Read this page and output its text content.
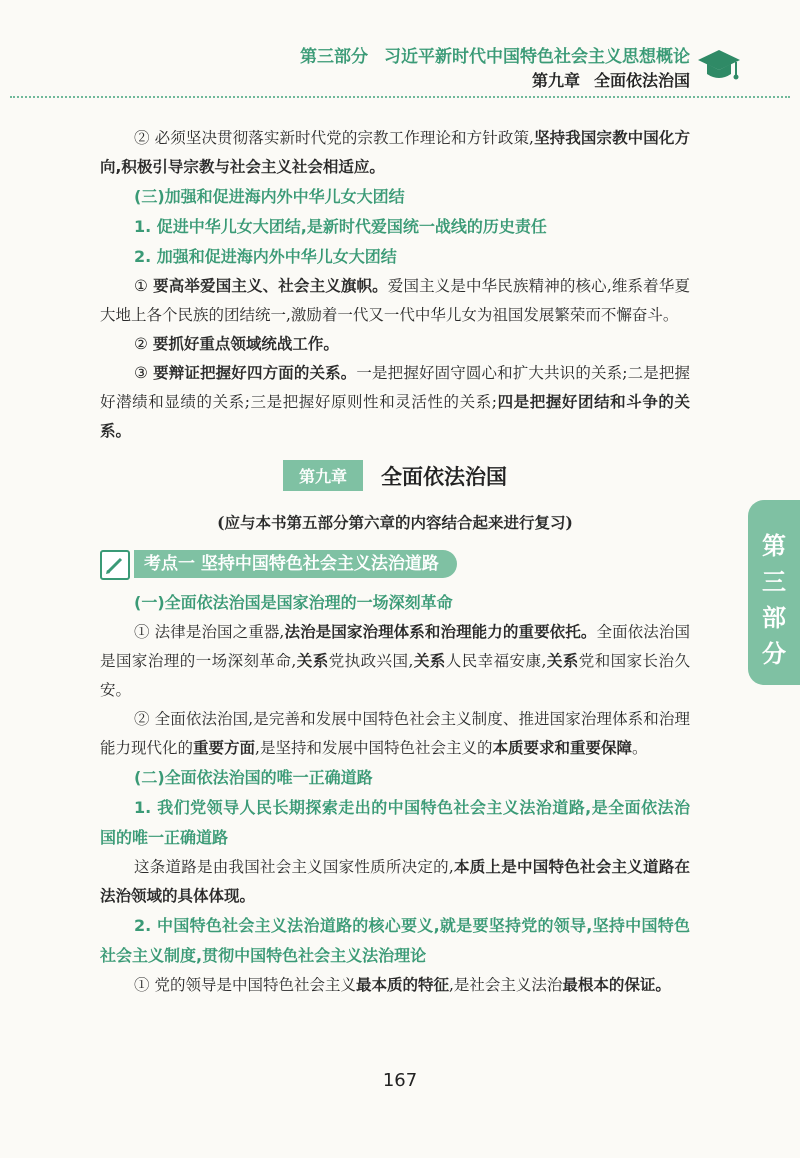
第三部分 习近平新时代中国特色社会主义思想概论
第九章 全面依法治国
第
三
部
分

② 必须坚决贯彻落实新时代党的宗教工作理论和方针政策,坚持我国宗教中国化方向,积极引导宗教与社会主义社会相适应。

(三)加强和促进海内外中华儿女大团结

1. 促进中华儿女大团结,是新时代爱国统一战线的历史责任

2. 加强和促进海内外中华儿女大团结

① 要高举爱国主义、社会主义旗帜。爱国主义是中华民族精神的核心,维系着华夏大地上各个民族的团结统一,激励着一代又一代中华儿女为祖国发展繁荣而不懈奋斗。

② 要抓好重点领域统战工作。

③ 要辩证把握好四方面的关系。一是把握好固守圆心和扩大共识的关系;二是把握好潜绩和显绩的关系;三是把握好原则性和灵活性的关系;四是把握好团结和斗争的关系。

第九章 全面依法治国

(应与本书第五部分第六章的内容结合起来进行复习)

考点一 坚持中国特色社会主义法治道路

(一)全面依法治国是国家治理的一场深刻革命

① 法律是治国之重器,法治是国家治理体系和治理能力的重要依托。全面依法治国是国家治理的一场深刻革命,关系党执政兴国,关系人民幸福安康,关系党和国家长治久安。

② 全面依法治国,是完善和发展中国特色社会主义制度、推进国家治理体系和治理能力现代化的重要方面,是坚持和发展中国特色社会主义的本质要求和重要保障。

(二)全面依法治国的唯一正确道路

1. 我们党领导人民长期探索走出的中国特色社会主义法治道路,是全面依法治国的唯一正确道路

这条道路是由我国社会主义国家性质所决定的,本质上是中国特色社会主义道路在法治领域的具体体现。

2. 中国特色社会主义法治道路的核心要义,就是要坚持党的领导,坚持中国特色社会主义制度,贯彻中国特色社会主义法治理论

① 党的领导是中国特色社会主义最本质的特征,是社会主义法治最根本的保证。

167
